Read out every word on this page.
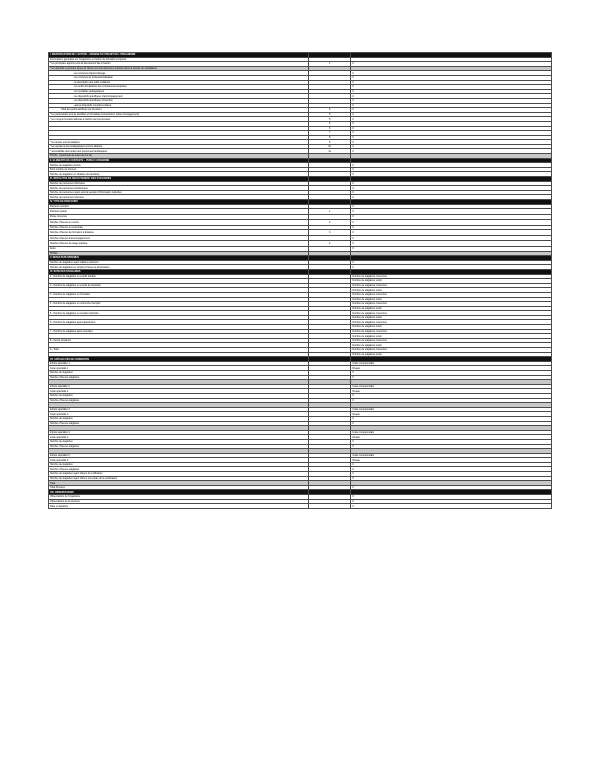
I. IDENTIFICATION DE L'ACTION – ORIGINE DU PROJET DE L'ORGANISME		
Informations générales sur l'organisme et l'action de formation proposée		
* les principaux apports sont-ils directement liés à l'action	1	0
* les objectifs et grandes lignes de l'action sont-ils clairement exposés dans le dossier de candidature		
- les contenus d'apprentissage		0
- les contenus de professionnalisation		0
- la description des outils mobilisés		0
- les outils d'évaluation des compétences acquises		0
- les modalités pédagogiques		0
- les dispositifs spécifiques d'accompagnement		0
- les dispositifs spécifiques d'insertion		0
- autres dispositifs complémentaires		0
Total des points attribués sur la partie I	5	0
* les partenariats sont-ils identifiés et formalisés (conventions, lettres d'engagement)	5	0
* les moyens humains affectés à l'action sont-ils précisés	5	0
	6	0
	6	0
	7	0
	8	0
* les locaux sont-ils adaptés	9	0
* les équipements pédagogiques sont-ils adaptés	10	0
* accessibilité des locaux aux personnes handicapées	11	0
TOTAL : (fourchette de notes de 0 à 11)		
II. ÉLÉMENTS DE CONTEXTE – PUBLIC CONCERNÉ		
Nombre de stagiaires prévus		0
Dont nombre de femmes		0
Nombre de stagiaires en situation de handicap		0
III. MODALITÉS DE RECRUTEMENT DES STAGIAIRES		
Nombre de personnes informées		0
Nombre de personnes positionnées		0
Nombre de personnes ayant suivi la session d'information collective		0
Nombre de personnes retenues		0
IV. TYPE DE PARCOURS		
Parcours complet		0
Parcours partiel	1	0
Durée moyenne		0
Nombre d'heures en centre	2	0
Nombre d'heures en entreprise		0
Nombre d'heures de formation à distance	3	0
Nombre d'heures d'accompagnement		0
Nombre d'heures de stage pratique	4	0
Autre		0
TOTAL		
V. RÉSULTATS OBTENUS		
Nombre de stagiaires ayant validé le parcours		0
Nombre de stagiaires en emploi à l'issue de la formation		0
VI. SUIVI DES STAGIAIRES		
1 - Nombre de stagiaires en emploi durable		Nombre de stagiaires concernés
		Nombre de stagiaires suivis
2 - Nombre de stagiaires en emploi de transition		Nombre de stagiaires concernés
		Nombre de stagiaires suivis
3 - Nombre de stagiaires en formation		Nombre de stagiaires concernés
		Nombre de stagiaires suivis
4 - Nombre de stagiaires en recherche d'emploi		Nombre de stagiaires concernés
		Nombre de stagiaires suivis
5 - Nombre de stagiaires en création d'activité		Nombre de stagiaires concernés
		Nombre de stagiaires suivis
6 - Nombre de stagiaires ayant abandonné		Nombre de stagiaires concernés
		Nombre de stagiaires suivis
7 - Nombre de stagiaires sans nouvelles		Nombre de stagiaires concernés
		Nombre de stagiaires suivis
8 - Autres situations		Nombre de stagiaires concernés
		Nombre de stagiaires suivis
9 - Total		Nombre de stagiaires concernés
		Nombre de stagiaires suivis
VII. SPÉCIALITÉS DE FORMATION		
Intitulé spécialité 1		Code correspondant
Code spécialité 1		Niveau
Nombre de stagiaires		0
Nombre d'heures stagiaires		0

Intitulé spécialité 2		Code correspondant
Code spécialité 2		Niveau
Nombre de stagiaires		0
Nombre d'heures stagiaires		0

Intitulé spécialité 3		Code correspondant
Code spécialité 3		Niveau
Nombre de stagiaires		0
Nombre d'heures stagiaires		0

Intitulé spécialité 4		Code correspondant
Code spécialité 4		Niveau
Nombre de stagiaires		0
Nombre d'heures stagiaires		0

Intitulé spécialité 5		Code correspondant
Code spécialité 5		Niveau
Nombre de stagiaires		0
Nombre d'heures stagiaires		0
Nombre de stagiaires ayant obtenu la certification		0
Nombre de stagiaires ayant obtenu une partie de la certification		0
Total		
Total d'heures		0
VIII. OBSERVATIONS		
Observations de l'organisme		0
Observations de la structure		0
Date et signature		0
